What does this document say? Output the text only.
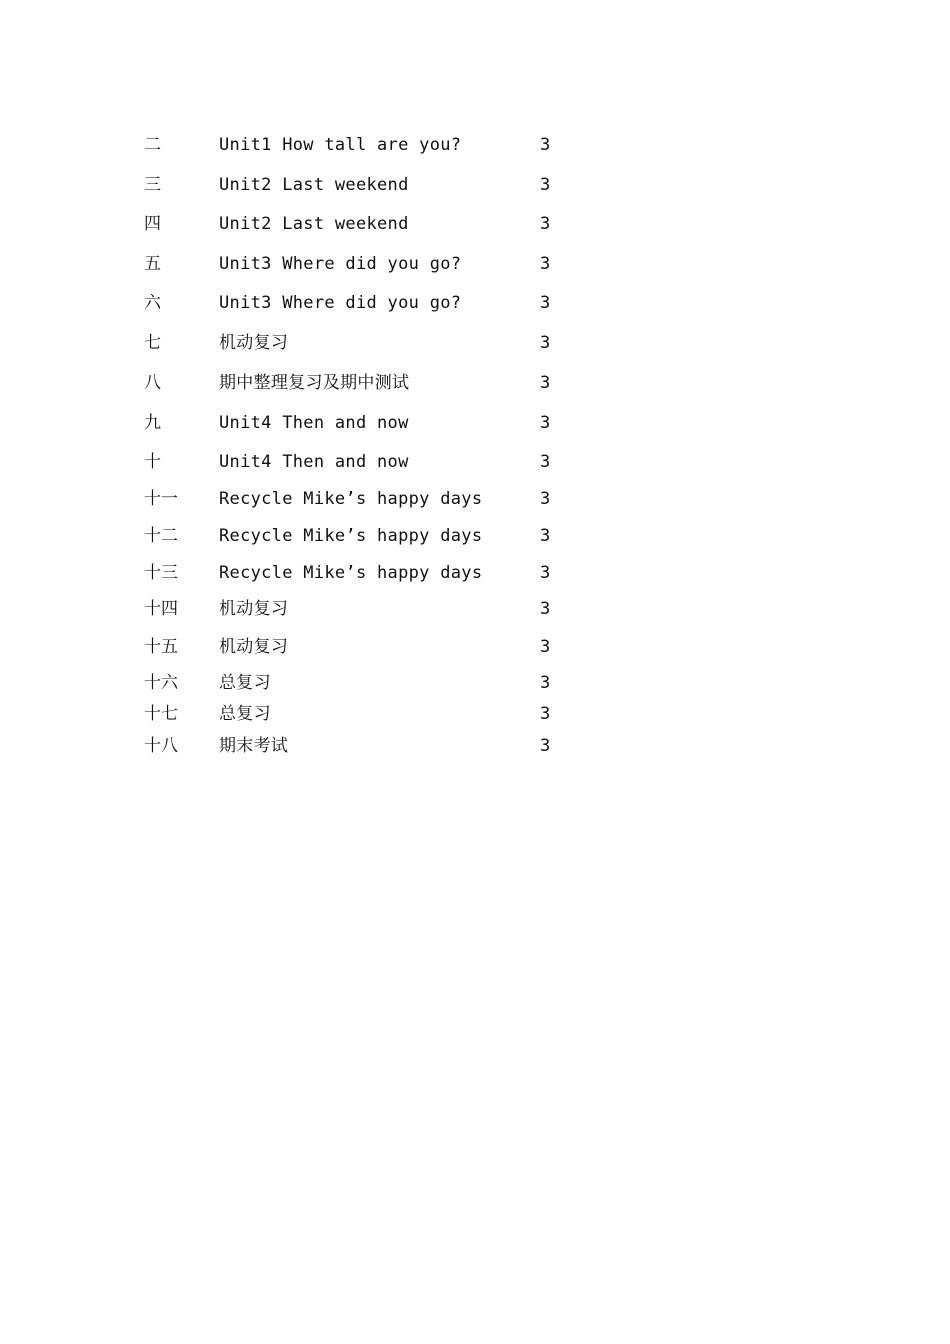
二	Unit1 How tall are you?	3
三	Unit2 Last weekend	3
四	Unit2 Last weekend	3
五	Unit3 Where did you go?	3
六	Unit3 Where did you go?	3
七	机动复习	3
八	期中整理复习及期中测试	3
九	Unit4 Then and now	3
十	Unit4 Then and now	3
十一 Recycle Mike’s happy days	3
十二 Recycle Mike’s happy days	3
十三 Recycle Mike’s happy days	3
十四 机动复习	3
十五 机动复习	3
十六 总复习	3
十七 总复习	3
十八 期末考试	3
